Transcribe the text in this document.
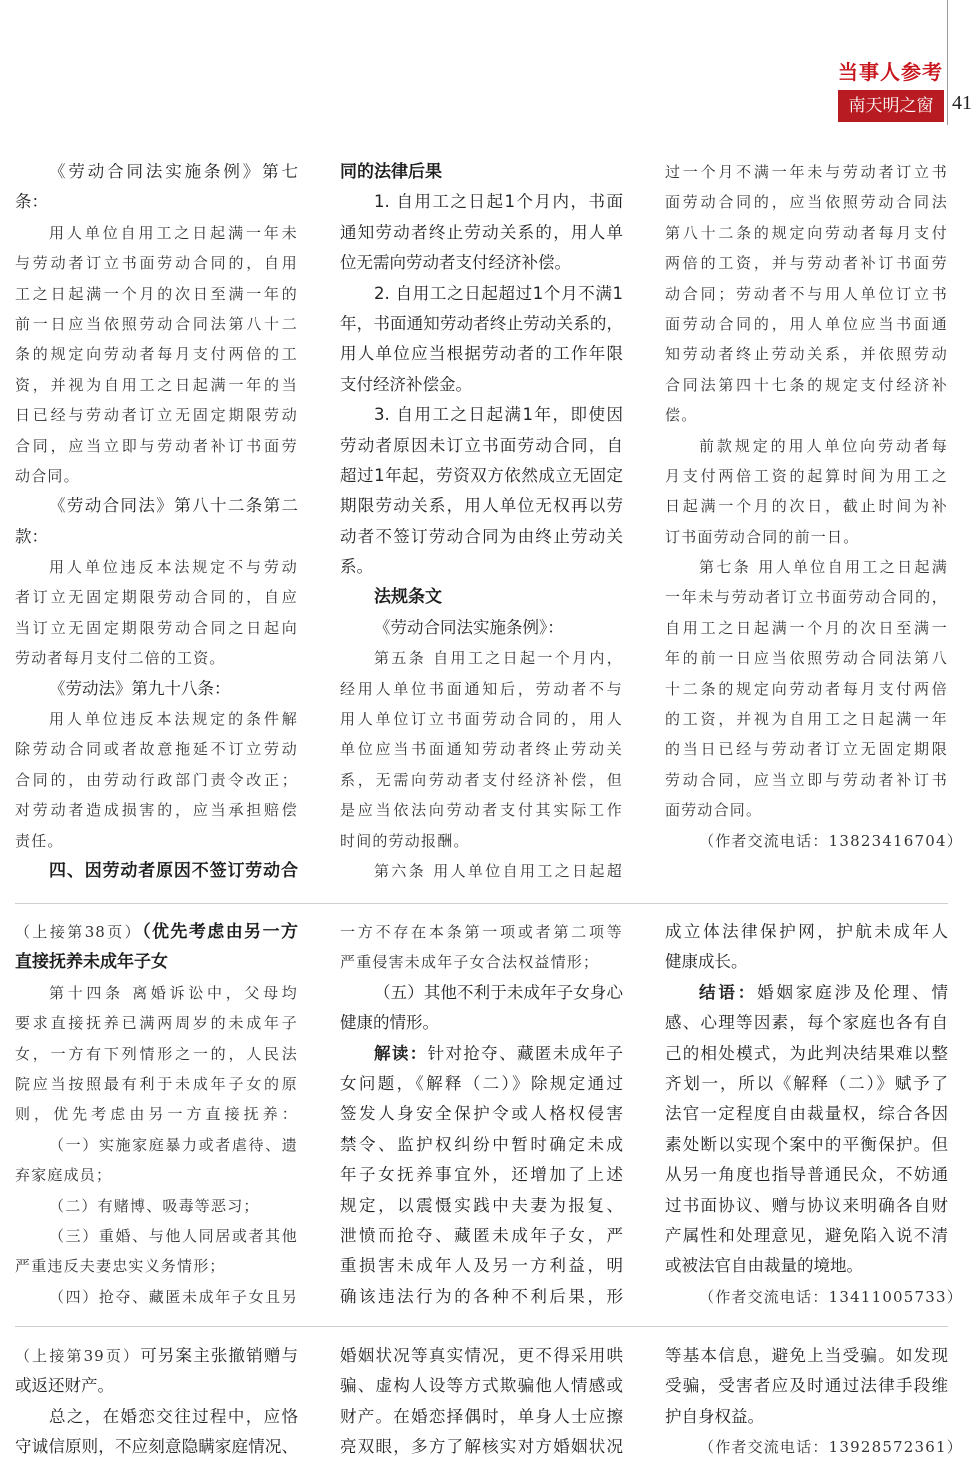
当事人参考
南天明之窗 41
《劳动合同法实施条例》第七
条：
用人单位自用工之日起满一年未
与劳动者订立书面劳动合同的，自用
工之日起满一个月的次日至满一年的
前一日应当依照劳动合同法第八十二
条的规定向劳动者每月支付两倍的工
资，并视为自用工之日起满一年的当
日已经与劳动者订立无固定期限劳动
合同，应当立即与劳动者补订书面劳
动合同。
《劳动合同法》第八十二条第二
款：
用人单位违反本法规定不与劳动
者订立无固定期限劳动合同的，自应
当订立无固定期限劳动合同之日起向
劳动者每月支付二倍的工资。
《劳动法》第九十八条：
用人单位违反本法规定的条件解
除劳动合同或者故意拖延不订立劳动
合同的，由劳动行政部门责令改正；
对劳动者造成损害的，应当承担赔偿
责任。
四、因劳动者原因不签订劳动合
同的法律后果
1. 自用工之日起1个月内，书面
通知劳动者终止劳动关系的，用人单
位无需向劳动者支付经济补偿。
2. 自用工之日起超过1个月不满1
年，书面通知劳动者终止劳动关系的，
用人单位应当根据劳动者的工作年限
支付经济补偿金。
3. 自用工之日起满1年，即使因
劳动者原因未订立书面劳动合同，自
超过1年起，劳资双方依然成立无固定
期限劳动关系，用人单位无权再以劳
动者不签订劳动合同为由终止劳动关
系。
法规条文
《劳动合同法实施条例》：
第五条 自用工之日起一个月内，
经用人单位书面通知后，劳动者不与
用人单位订立书面劳动合同的，用人
单位应当书面通知劳动者终止劳动关
系，无需向劳动者支付经济补偿，但
是应当依法向劳动者支付其实际工作
时间的劳动报酬。
第六条 用人单位自用工之日起超
过一个月不满一年未与劳动者订立书
面劳动合同的，应当依照劳动合同法
第八十二条的规定向劳动者每月支付
两倍的工资，并与劳动者补订书面劳
动合同；劳动者不与用人单位订立书
面劳动合同的，用人单位应当书面通
知劳动者终止劳动关系，并依照劳动
合同法第四十七条的规定支付经济补
偿。
前款规定的用人单位向劳动者每
月支付两倍工资的起算时间为用工之
日起满一个月的次日，截止时间为补
订书面劳动合同的前一日。
第七条 用人单位自用工之日起满
一年未与劳动者订立书面劳动合同的，
自用工之日起满一个月的次日至满一
年的前一日应当依照劳动合同法第八
十二条的规定向劳动者每月支付两倍
的工资，并视为自用工之日起满一年
的当日已经与劳动者订立无固定期限
劳动合同，应当立即与劳动者补订书
面劳动合同。
（作者交流电话：13823416704）
（上接第38页）（优先考虑由另一方
直接抚养未成年子女
第十四条 离婚诉讼中，父母均
要求直接抚养已满两周岁的未成年子
女，一方有下列情形之一的，人民法
院应当按照最有利于未成年子女的原
则，优先考虑由另一方直接抚养：
（一）实施家庭暴力或者虐待、遗
弃家庭成员；
（二）有赌博、吸毒等恶习；
（三）重婚、与他人同居或者其他
严重违反夫妻忠实义务情形；
（四）抢夺、藏匿未成年子女且另
一方不存在本条第一项或者第二项等
严重侵害未成年子女合法权益情形；
（五）其他不利于未成年子女身心
健康的情形。
解读：针对抢夺、藏匿未成年子
女问题，《解释（二）》除规定通过
签发人身安全保护令或人格权侵害
禁令、监护权纠纷中暂时确定未成
年子女抚养事宜外，还增加了上述
规定，以震慑实践中夫妻为报复、
泄愤而抢夺、藏匿未成年子女，严
重损害未成年人及另一方利益，明
确该违法行为的各种不利后果，形
成立体法律保护网，护航未成年人
健康成长。
结语：婚姻家庭涉及伦理、情
感、心理等因素，每个家庭也各有自
己的相处模式，为此判决结果难以整
齐划一，所以《解释（二）》赋予了
法官一定程度自由裁量权，综合各因
素处断以实现个案中的平衡保护。但
从另一角度也指导普通民众，不妨通
过书面协议、赠与协议来明确各自财
产属性和处理意见，避免陷入说不清
或被法官自由裁量的境地。
（作者交流电话：13411005733）
（上接第39页）可另案主张撤销赠与
或返还财产。
总之，在婚恋交往过程中，应恪
守诚信原则，不应刻意隐瞒家庭情况、
婚姻状况等真实情况，更不得采用哄
骗、虚构人设等方式欺骗他人情感或
财产。在婚恋择偶时，单身人士应擦
亮双眼，多方了解核实对方婚姻状况
等基本信息，避免上当受骗。如发现
受骗，受害者应及时通过法律手段维
护自身权益。
（作者交流电话：13928572361）
